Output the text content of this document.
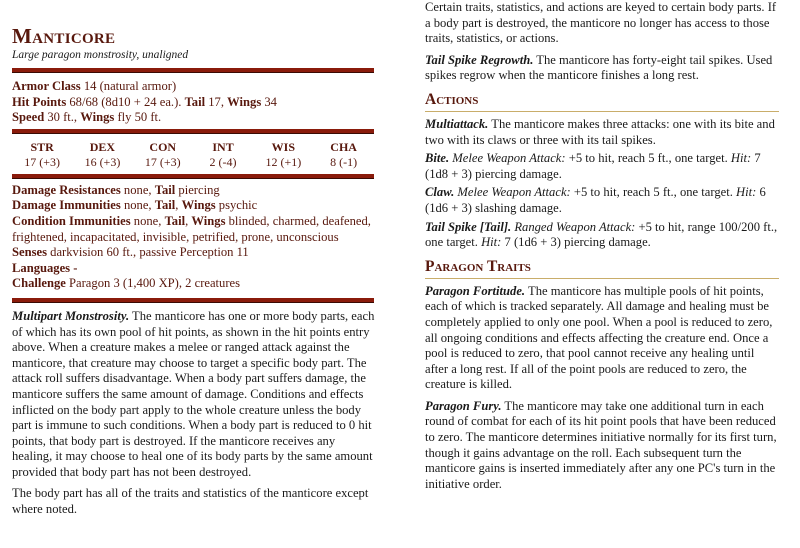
Manticore
Large paragon monstrosity, unaligned
Armor Class 14 (natural armor)
Hit Points 68/68 (8d10 + 24 ea.). Tail 17, Wings 34
Speed 30 ft., Wings fly 50 ft.
STR
17 (+3)
DEX
16 (+3)
CON
17 (+3)
INT
2 (-4)
WIS
12 (+1)
CHA
8 (-1)
Damage Resistances none, Tail piercing
Damage Immunities none, Tail, Wings psychic
Condition Immunities none, Tail, Wings blinded, charmed, deafened, frightened, incapacitated, invisible, petrified, prone, unconscious
Senses darkvision 60 ft., passive Perception 11
Languages -
Challenge Paragon 3 (1,400 XP), 2 creatures

Multipart Monstrosity. The manticore has one or more body parts, each of which has its own pool of hit points, as shown in the hit points entry above. When a creature makes a melee or ranged attack against the manticore, that creature may choose to target a specific body part. The attack roll suffers disadvantage. When a body part suffers damage, the manticore suffers the same amount of damage. Conditions and effects inflicted on the body part apply to the whole creature unless the body part is immune to such conditions. When a body part is reduced to 0 hit points, that body part is destroyed. If the manticore receives any healing, it may choose to heal one of its body parts by the same amount provided that body part has not been destroyed.

The body part has all of the traits and statistics of the manticore except where noted.

Certain traits, statistics, and actions are keyed to certain body parts. If a body part is destroyed, the manticore no longer has access to those traits, statistics, or actions.

Tail Spike Regrowth. The manticore has forty-eight tail spikes. Used spikes regrow when the manticore finishes a long rest.

Actions

Multiattack. The manticore makes three attacks: one with its bite and two with its claws or three with its tail spikes.

Bite. Melee Weapon Attack: +5 to hit, reach 5 ft., one target. Hit: 7 (1d8 + 3) piercing damage.

Claw. Melee Weapon Attack: +5 to hit, reach 5 ft., one target. Hit: 6 (1d6 + 3) slashing damage.

Tail Spike [Tail]. Ranged Weapon Attack: +5 to hit, range 100/200 ft., one target. Hit: 7 (1d6 + 3) piercing damage.

Paragon Traits

Paragon Fortitude. The manticore has multiple pools of hit points, each of which is tracked separately. All damage and healing must be completely applied to only one pool. When a pool is reduced to zero, all ongoing conditions and effects affecting the creature end. Once a pool is reduced to zero, that pool cannot receive any healing until after a long rest. If all of the point pools are reduced to zero, the creature is killed.

Paragon Fury. The manticore may take one additional turn in each round of combat for each of its hit point pools that have been reduced to zero. The manticore determines initiative normally for its first turn, though it gains advantage on the roll. Each subsequent turn the manticore gains is inserted immediately after any one PC's turn in the initiative order.
